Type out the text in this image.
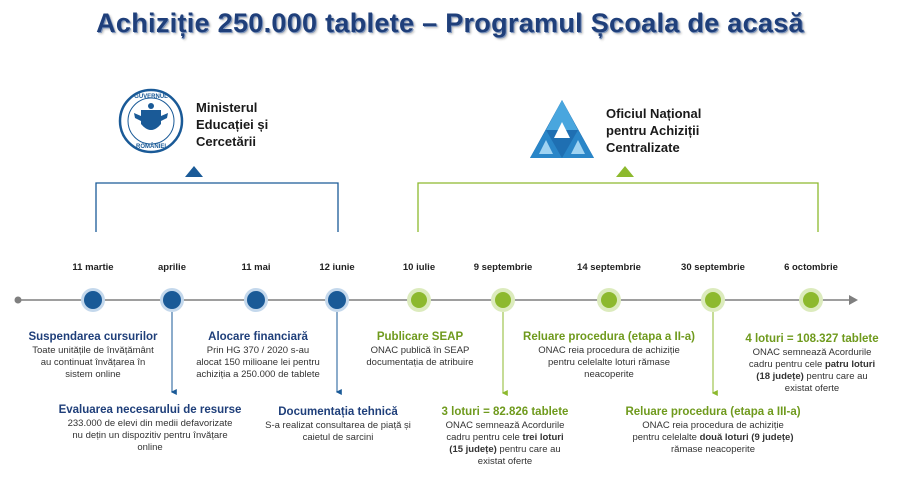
Achiziție 250.000 tablete – Programul Școala de acasă
GUVERNUL
ROMÂNIEI
Ministerul
Educației și
Cercetării
Oficiul Național
pentru Achiziții
Centralizate
11 martie	aprilie	11 mai	12 iunie	10 iulie	9 septembrie	14 septembrie	30 septembrie	6 octombrie
Suspendarea cursurilor
Toate unitățile de învățământ
au continuat învățarea în
sistem online
Evaluarea necesarului de resurse
233.000 de elevi din medii defavorizate
nu dețin un dispozitiv pentru învățare
online
Alocare financiară
Prin HG 370 / 2020 s-au
alocat 150 milioane lei pentru
achiziția a 250.000 de tablete
Documentația tehnică
S-a realizat consultarea de piață și
caietul de sarcini
Publicare SEAP
ONAC publică în SEAP
documentația de atribuire
3 loturi = 82.826 tablete
ONAC semnează Acordurile
cadru pentru cele trei loturi
(15 județe) pentru care au
existat oferte
Reluare procedura (etapa a II-a)
ONAC reia procedura de achiziție
pentru celelalte loturi rămase
neacoperite
Reluare procedura (etapa a III-a)
ONAC reia procedura de achiziție
pentru celelalte două loturi (9 județe)
rămase neacoperite
4 loturi = 108.327 tablete
ONAC semnează Acordurile
cadru pentru cele patru loturi
(18 județe) pentru care au
existat oferte
